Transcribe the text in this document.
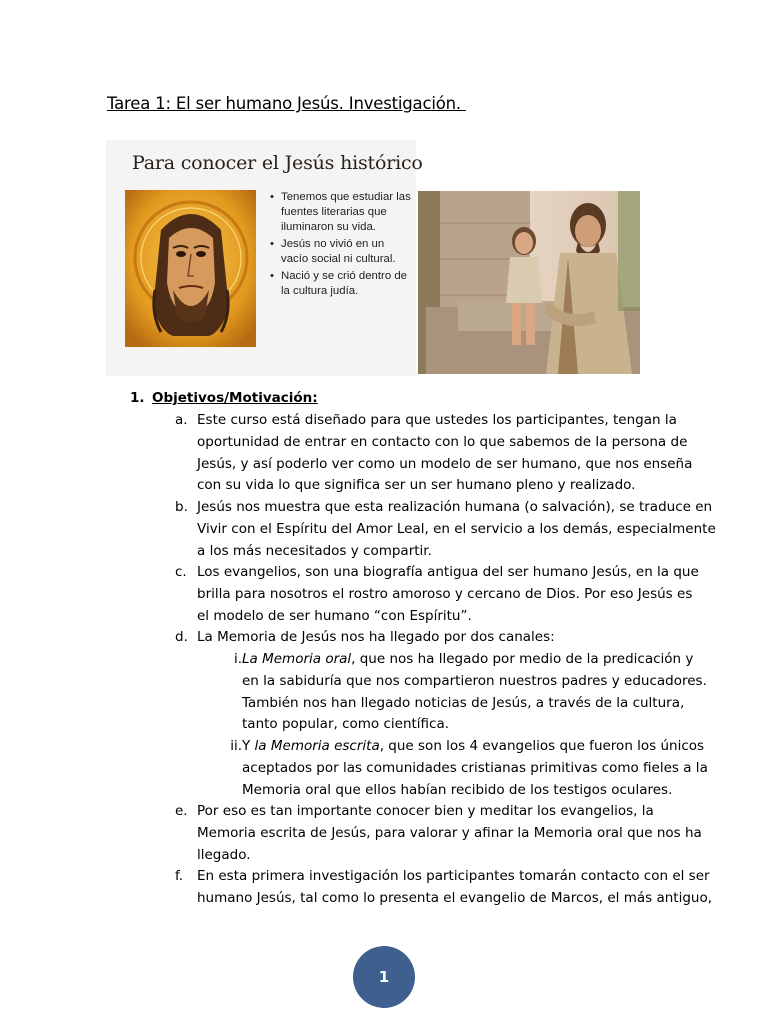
Tarea 1: El ser humano Jesús. Investigación.
Para conocer el Jesús histórico
• Tenemos que estudiar las fuentes literarias que iluminaron su vida.
• Jesús no vivió en un vacío social ni cultural.
• Nació y se crió dentro de la cultura judía.
1. Objetivos/Motivación:
a. Este curso está diseñado para que ustedes los participantes, tengan la
oportunidad de entrar en contacto con lo que sabemos de la persona de
Jesús, y así poderlo ver como un modelo de ser humano, que nos enseña
con su vida lo que significa ser un ser humano pleno y realizado.
b. Jesús nos muestra que esta realización humana (o salvación), se traduce en
Vivir con el Espíritu del Amor Leal, en el servicio a los demás, especialmente
a los más necesitados y compartir.
c. Los evangelios, son una biografía antigua del ser humano Jesús, en la que
brilla para nosotros el rostro amoroso y cercano de Dios. Por eso Jesús es
el modelo de ser humano “con Espíritu”.
d. La Memoria de Jesús nos ha llegado por dos canales:
i. La Memoria oral, que nos ha llegado por medio de la predicación y
en la sabiduría que nos compartieron nuestros padres y educadores.
También nos han llegado noticias de Jesús, a través de la cultura,
tanto popular, como científica.
ii. Y la Memoria escrita, que son los 4 evangelios que fueron los únicos
aceptados por las comunidades cristianas primitivas como fieles a la
Memoria oral que ellos habían recibido de los testigos oculares.
e. Por eso es tan importante conocer bien y meditar los evangelios, la
Memoria escrita de Jesús, para valorar y afinar la Memoria oral que nos ha
llegado.
f. En esta primera investigación los participantes tomarán contacto con el ser
humano Jesús, tal como lo presenta el evangelio de Marcos, el más antiguo,
1
